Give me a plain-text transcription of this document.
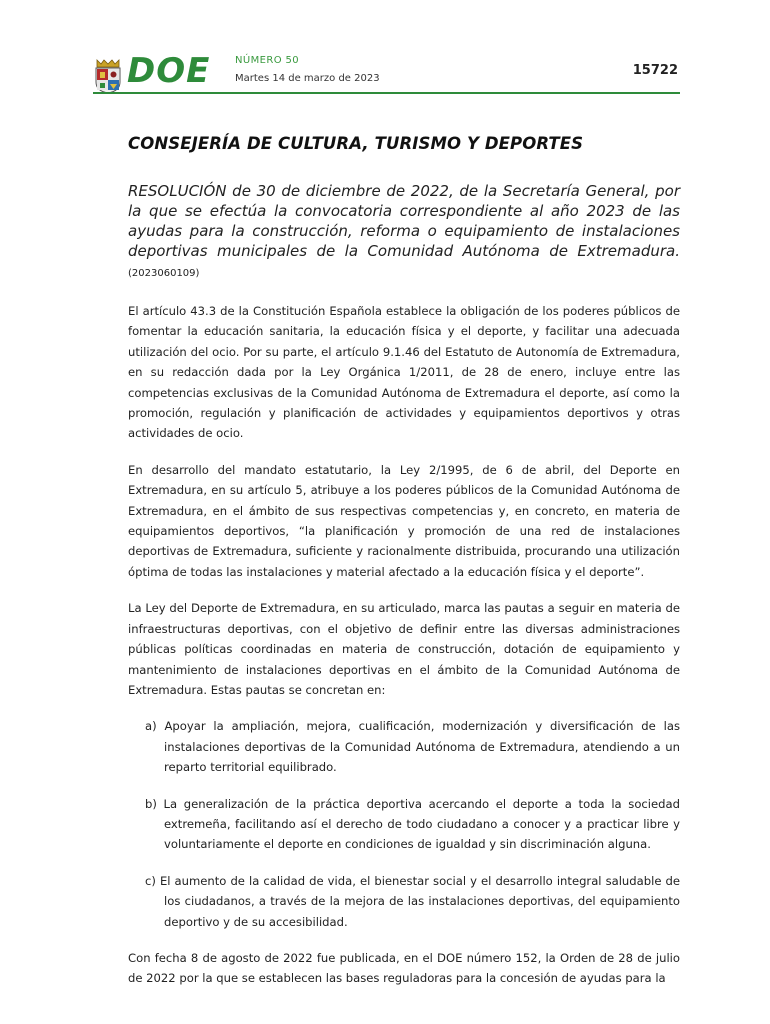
DOE NÚMERO 50
Martes 14 de marzo de 2023
15722
CONSEJERÍA DE CULTURA, TURISMO Y DEPORTES
RESOLUCIÓN de 30 de diciembre de 2022, de la Secretaría General, por la que se efectúa la convocatoria correspondiente al año 2023 de las ayudas para la construcción, reforma o equipamiento de instalaciones deportivas municipales de la Comunidad Autónoma de Extremadura. (2023060109)

El artículo 43.3 de la Constitución Española establece la obligación de los poderes públicos de fomentar la educación sanitaria, la educación física y el deporte, y facilitar una adecuada utilización del ocio. Por su parte, el artículo 9.1.46 del Estatuto de Autonomía de Extremadura, en su redacción dada por la Ley Orgánica 1/2011, de 28 de enero, incluye entre las competencias exclusivas de la Comunidad Autónoma de Extremadura el deporte, así como la promoción, regulación y planificación de actividades y equipamientos deportivos y otras actividades de ocio.

En desarrollo del mandato estatutario, la Ley 2/1995, de 6 de abril, del Deporte en Extremadura, en su artículo 5, atribuye a los poderes públicos de la Comunidad Autónoma de Extremadura, en el ámbito de sus respectivas competencias y, en concreto, en materia de equipamientos deportivos, “la planificación y promoción de una red de instalaciones deportivas de Extremadura, suficiente y racionalmente distribuida, procurando una utilización óptima de todas las instalaciones y material afectado a la educación física y el deporte”.

La Ley del Deporte de Extremadura, en su articulado, marca las pautas a seguir en materia de infraestructuras deportivas, con el objetivo de definir entre las diversas administraciones públicas políticas coordinadas en materia de construcción, dotación de equipamiento y mantenimiento de instalaciones deportivas en el ámbito de la Comunidad Autónoma de Extremadura. Estas pautas se concretan en:

a) Apoyar la ampliación, mejora, cualificación, modernización y diversificación de las instalaciones deportivas de la Comunidad Autónoma de Extremadura, atendiendo a un reparto territorial equilibrado.

b) La generalización de la práctica deportiva acercando el deporte a toda la sociedad extremeña, facilitando así el derecho de todo ciudadano a conocer y a practicar libre y voluntariamente el deporte en condiciones de igualdad y sin discriminación alguna.

c) El aumento de la calidad de vida, el bienestar social y el desarrollo integral saludable de los ciudadanos, a través de la mejora de las instalaciones deportivas, del equipamiento deportivo y de su accesibilidad.

Con fecha 8 de agosto de 2022 fue publicada, en el DOE número 152, la Orden de 28 de julio de 2022 por la que se establecen las bases reguladoras para la concesión de ayudas para la
